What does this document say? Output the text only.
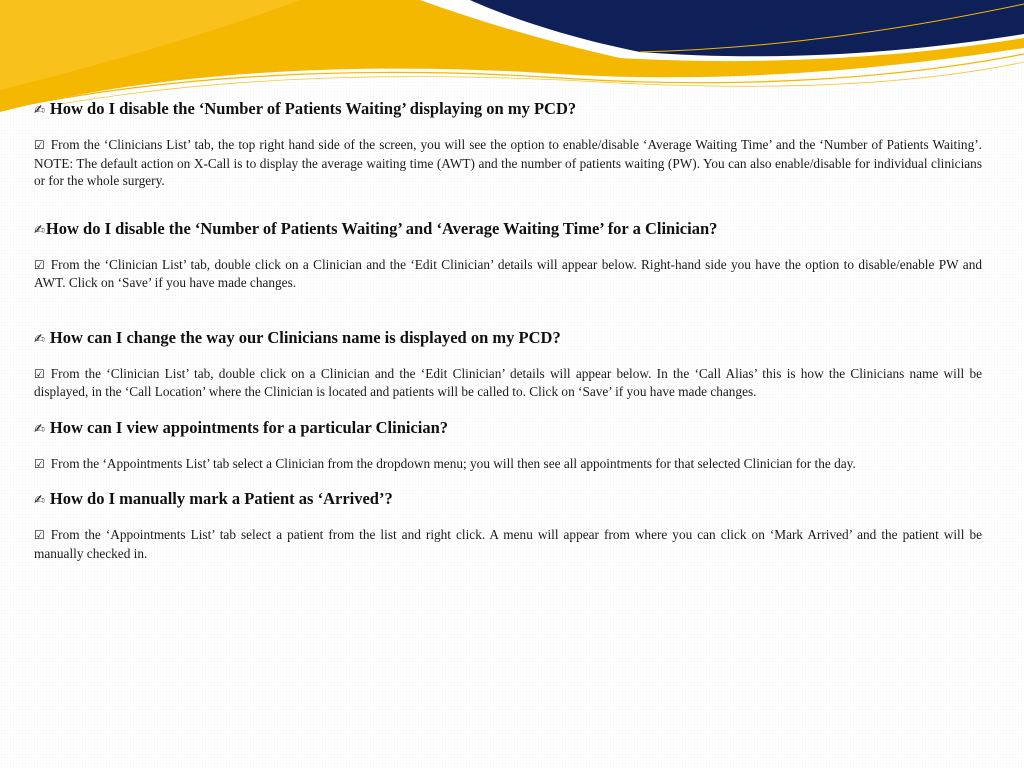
✍ How do I disable the ‘Number of Patients Waiting’ displaying on my PCD?

☑ From the ‘Clinicians List’ tab, the top right hand side of the screen, you will see the option to enable/disable ‘Average Waiting Time’ and the ‘Number of Patients Waiting’. NOTE: The default action on X-Call is to display the average waiting time (AWT) and the number of patients waiting (PW). You can also enable/disable for individual clinicians or for the whole surgery.

✍How do I disable the ‘Number of Patients Waiting’ and ‘Average Waiting Time’ for a Clinician?

☑ From the ‘Clinician List’ tab, double click on a Clinician and the ‘Edit Clinician’ details will appear below. Right-hand side you have the option to disable/enable PW and AWT. Click on ‘Save’ if you have made changes.

✍ How can I change the way our Clinicians name is displayed on my PCD?

☑ From the ‘Clinician List’ tab, double click on a Clinician and the ‘Edit Clinician’ details will appear below. In the ‘Call Alias’ this is how the Clinicians name will be displayed, in the ‘Call Location’ where the Clinician is located and patients will be called to. Click on ‘Save’ if you have made changes.

✍ How can I view appointments for a particular Clinician?

☑ From the ‘Appointments List’ tab select a Clinician from the dropdown menu; you will then see all appointments for that selected Clinician for the day.

✍ How do I manually mark a Patient as ‘Arrived’?

☑ From the ‘Appointments List’ tab select a patient from the list and right click. A menu will appear from where you can click on ‘Mark Arrived’ and the patient will be manually checked in.
